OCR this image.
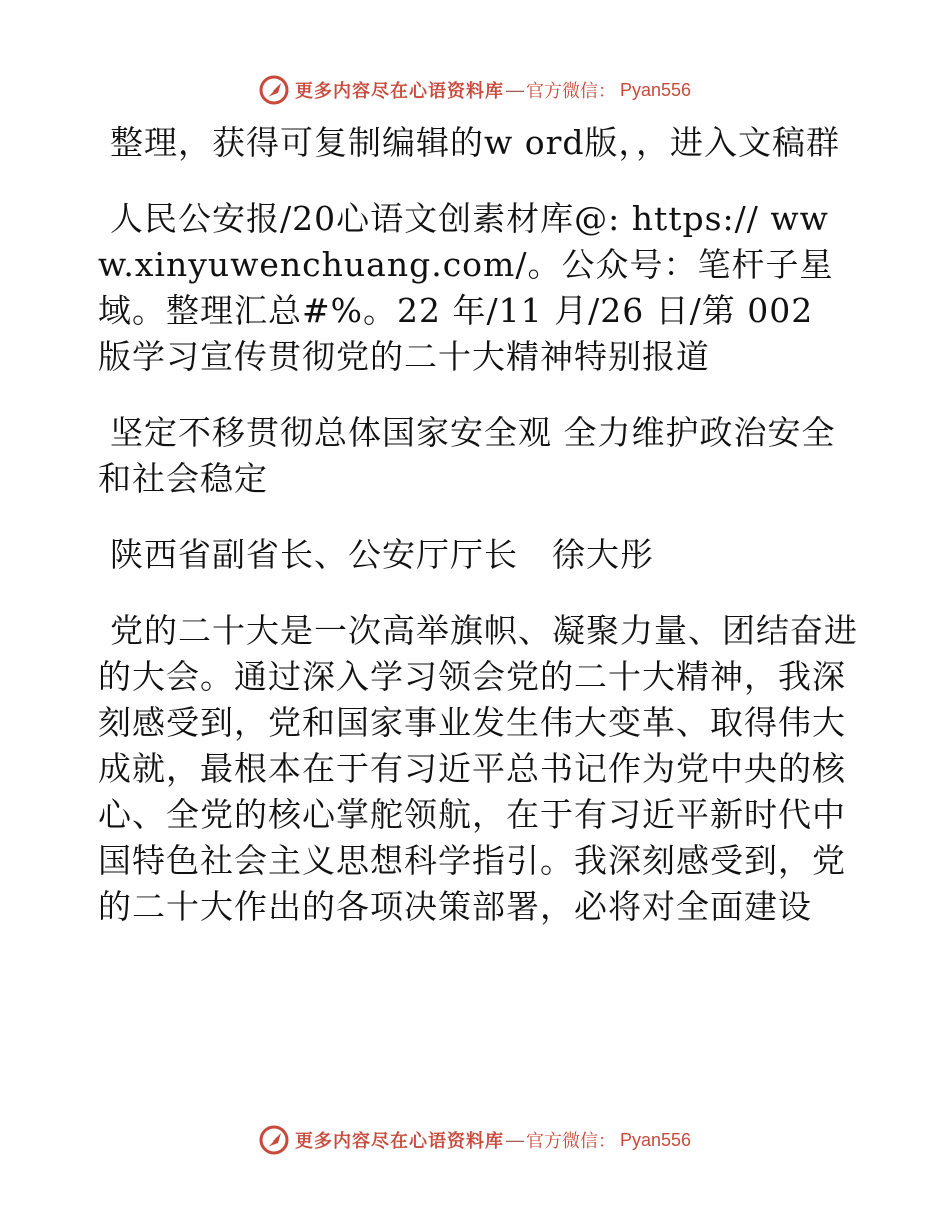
更多内容尽在心语资料库 — 官方微信： Pyan556

整理，获得可复制编辑的w ord版，，进入文稿群

人民公安报/20心语文创素材库@: https:// www.xinyuwenchuang.com/。公众号：笔杆子星域。整理汇总#%。22 年/11 月/26 日/第 002 版学习宣传贯彻党的二十大精神特别报道

坚定不移贯彻总体国家安全观 全力维护政治安全和社会稳定

陕西省副省长、公安厅厅长　徐大彤

党的二十大是一次高举旗帜、凝聚力量、团结奋进的大会。通过深入学习领会党的二十大精神，我深刻感受到，党和国家事业发生伟大变革、取得伟大成就，最根本在于有习近平总书记作为党中央的核心、全党的核心掌舵领航，在于有习近平新时代中国特色社会主义思想科学指引。我深刻感受到，党的二十大作出的各项决策部署，必将对全面建设

更多内容尽在心语资料库 — 官方微信： Pyan556
